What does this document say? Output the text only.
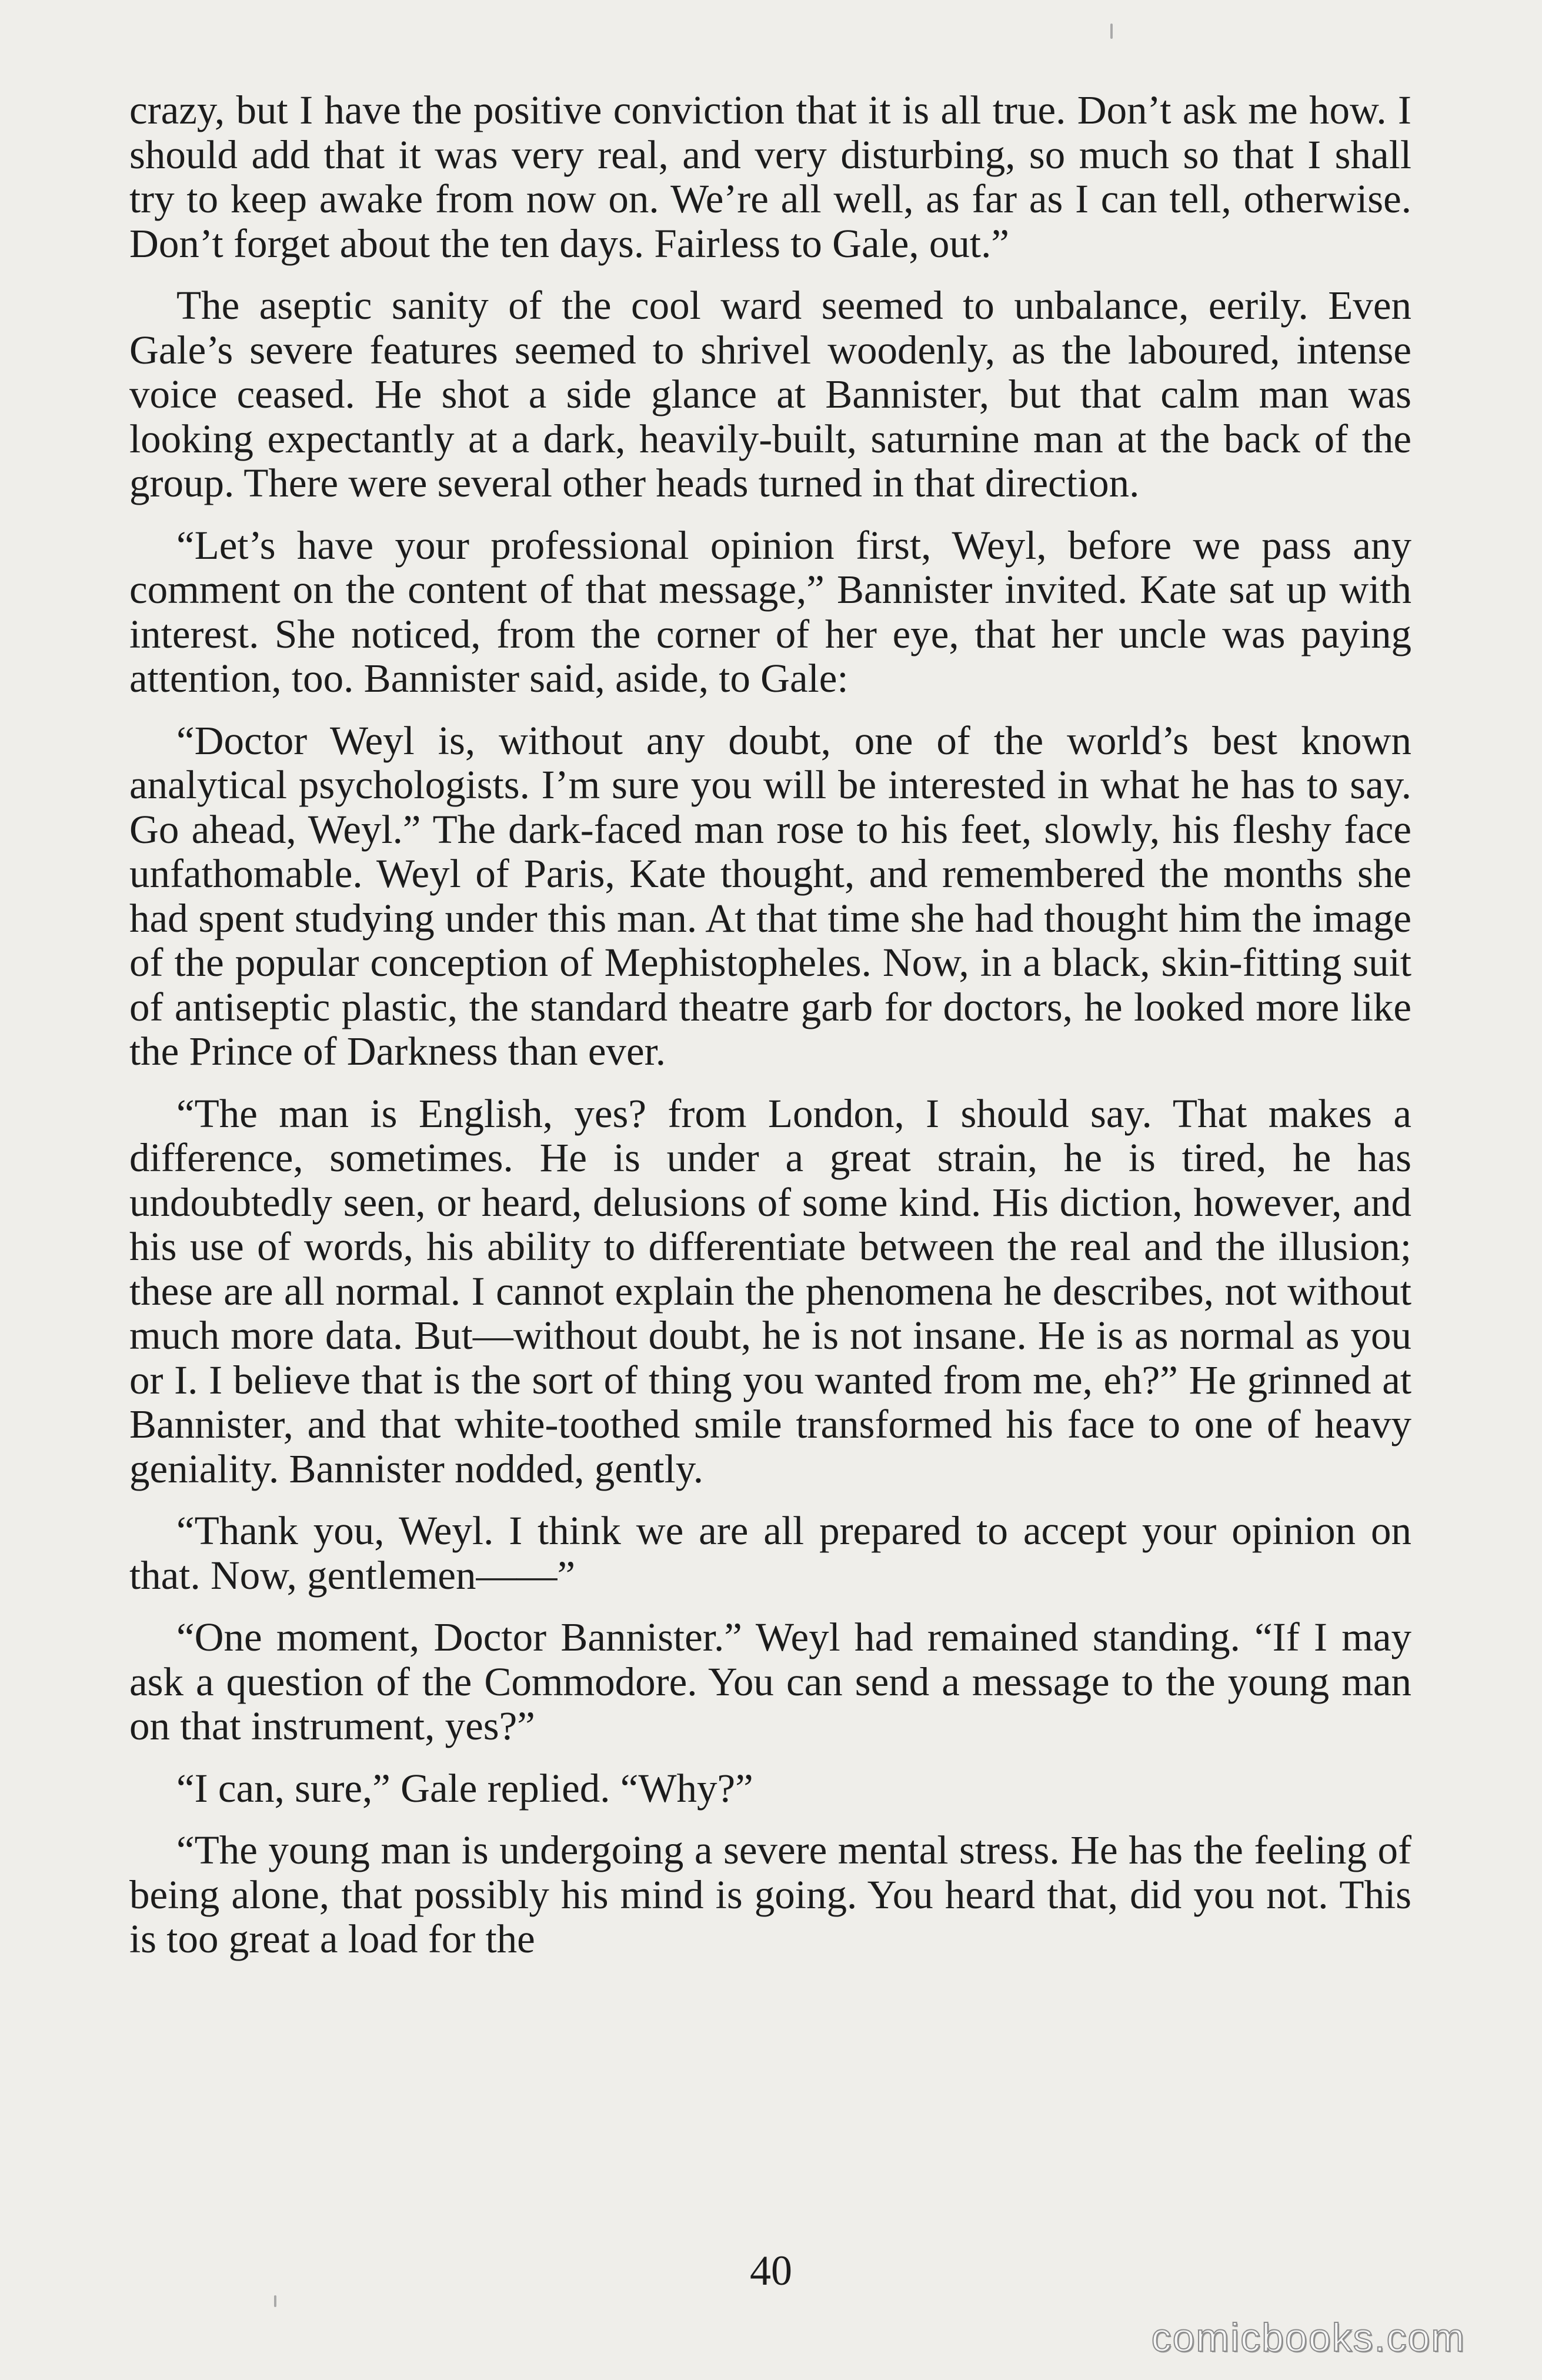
crazy, but I have the positive conviction that it is all true. Don’t ask me how. I should add that it was very real, and very disturbing, so much so that I shall try to keep awake from now on. We’re all well, as far as I can tell, otherwise. Don’t forget about the ten days. Fairless to Gale, out.”

The aseptic sanity of the cool ward seemed to unbalance, eerily. Even Gale’s severe features seemed to shrivel woodenly, as the laboured, intense voice ceased. He shot a side glance at Bannister, but that calm man was looking expectantly at a dark, heavily-built, saturnine man at the back of the group. There were several other heads turned in that direction.

“Let’s have your professional opinion first, Weyl, before we pass any comment on the content of that message,” Bannister invited. Kate sat up with interest. She noticed, from the corner of her eye, that her uncle was paying attention, too. Bannister said, aside, to Gale:

“Doctor Weyl is, without any doubt, one of the world’s best known analytical psychologists. I’m sure you will be interested in what he has to say. Go ahead, Weyl.” The dark-faced man rose to his feet, slowly, his fleshy face unfathomable. Weyl of Paris, Kate thought, and remembered the months she had spent studying under this man. At that time she had thought him the image of the popular conception of Mephistopheles. Now, in a black, skin-fitting suit of antiseptic plastic, the standard theatre garb for doctors, he looked more like the Prince of Darkness than ever.

“The man is English, yes? from London, I should say. That makes a difference, sometimes. He is under a great strain, he is tired, he has undoubtedly seen, or heard, delusions of some kind. His diction, however, and his use of words, his ability to differentiate between the real and the illusion; these are all normal. I cannot explain the phenomena he describes, not without much more data. But—without doubt, he is not insane. He is as normal as you or I. I believe that is the sort of thing you wanted from me, eh?” He grinned at Bannister, and that white-toothed smile transformed his face to one of heavy geniality. Bannister nodded, gently.

“Thank you, Weyl. I think we are all prepared to accept your opinion on that. Now, gentlemen——”

“One moment, Doctor Bannister.” Weyl had remained standing. “If I may ask a question of the Commodore. You can send a message to the young man on that instrument, yes?”

“I can, sure,” Gale replied. “Why?”

“The young man is undergoing a severe mental stress. He has the feeling of being alone, that possibly his mind is going. You heard that, did you not. This is too great a load for the

40
comicbooks.com
